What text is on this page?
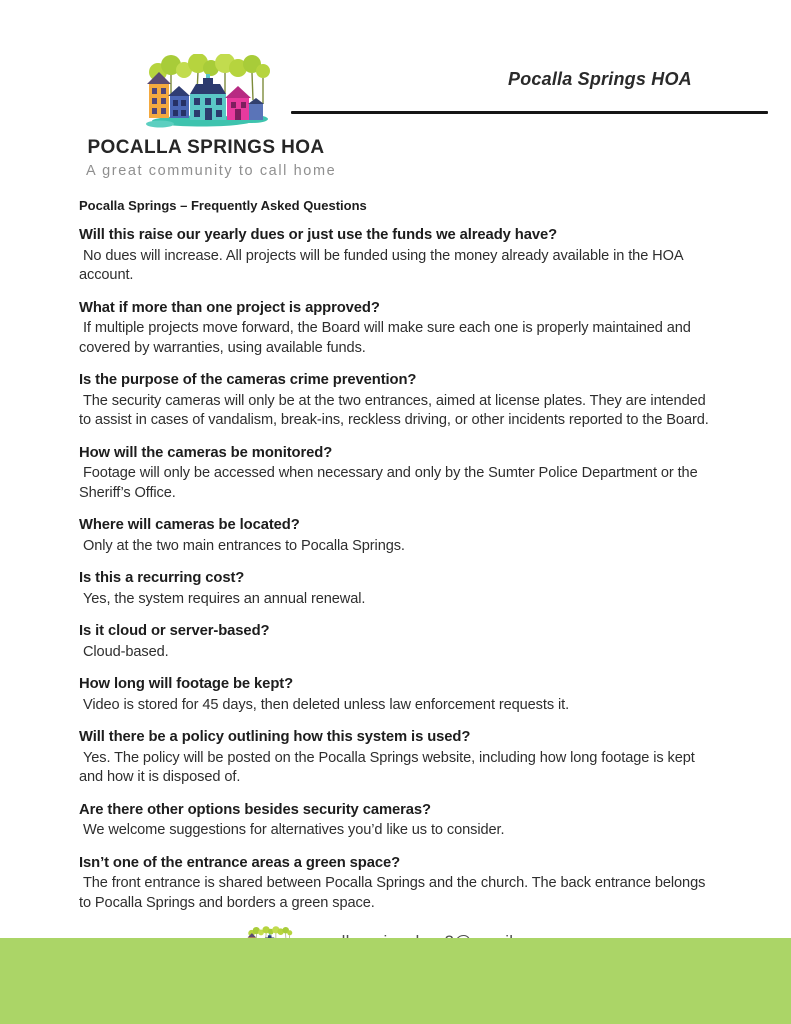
POCALLA SPRINGS HOA
A great community to call home
Pocalla Springs HOA

Pocalla Springs – Frequently Asked Questions

Will this raise our yearly dues or just use the funds we already have?

No dues will increase. All projects will be funded using the money already available in the HOA account.

What if more than one project is approved?

If multiple projects move forward, the Board will make sure each one is properly maintained and covered by warranties, using available funds.

Is the purpose of the cameras crime prevention?

The security cameras will only be at the two entrances, aimed at license plates. They are intended to assist in cases of vandalism, break-ins, reckless driving, or other incidents reported to the Board.

How will the cameras be monitored?

Footage will only be accessed when necessary and only by the Sumter Police Department or the Sheriff’s Office.

Where will cameras be located?

Only at the two main entrances to Pocalla Springs.

Is this a recurring cost?

Yes, the system requires an annual renewal.

Is it cloud or server-based?

Cloud-based.

How long will footage be kept?

Video is stored for 45 days, then deleted unless law enforcement requests it.

Will there be a policy outlining how this system is used?

Yes. The policy will be posted on the Pocalla Springs website, including how long footage is kept and how it is disposed of.

Are there other options besides security cameras?

We welcome suggestions for alternatives you’d like us to consider.

Isn’t one of the entrance areas a green space?

The front entrance is shared between Pocalla Springs and the church. The back entrance belongs to Pocalla Springs and borders a green space.
